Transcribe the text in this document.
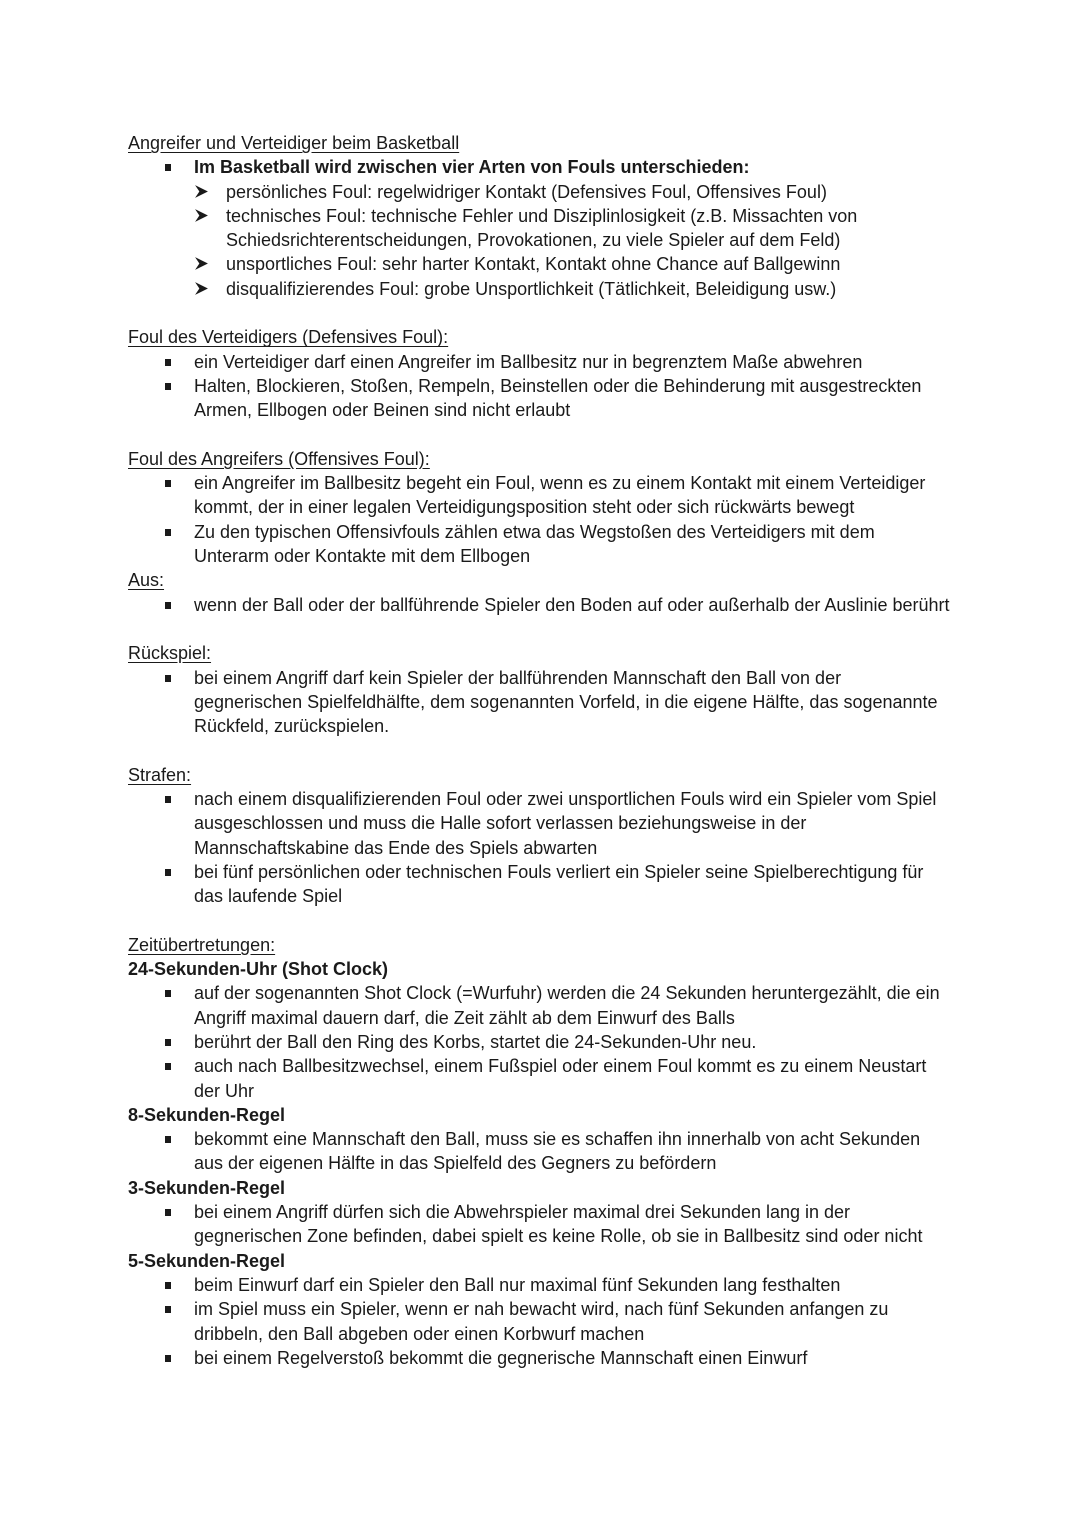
Angreifer und Verteidiger beim Basketball
Im Basketball wird zwischen vier Arten von Fouls unterschieden:
persönliches Foul: regelwidriger Kontakt (Defensives Foul, Offensives Foul)
technisches Foul: technische Fehler und Disziplinlosigkeit (z.B. Missachten von Schiedsrichterentscheidungen, Provokationen, zu viele Spieler auf dem Feld)
unsportliches Foul: sehr harter Kontakt, Kontakt ohne Chance auf Ballgewinn
disqualifizierendes Foul: grobe Unsportlichkeit (Tätlichkeit, Beleidigung usw.)
Foul des Verteidigers (Defensives Foul):
ein Verteidiger darf einen Angreifer im Ballbesitz nur in begrenztem Maße abwehren
Halten, Blockieren, Stoßen, Rempeln, Beinstellen oder die Behinderung mit ausgestreckten Armen, Ellbogen oder Beinen sind nicht erlaubt
Foul des Angreifers (Offensives Foul):
ein Angreifer im Ballbesitz begeht ein Foul, wenn es zu einem Kontakt mit einem Verteidiger kommt, der in einer legalen Verteidigungsposition steht oder sich rückwärts bewegt
Zu den typischen Offensivfouls zählen etwa das Wegstoßen des Verteidigers mit dem Unterarm oder Kontakte mit dem Ellbogen
Aus:
wenn der Ball oder der ballführende Spieler den Boden auf oder außerhalb der Auslinie berührt
Rückspiel:
bei einem Angriff darf kein Spieler der ballführenden Mannschaft den Ball von der gegnerischen Spielfeldhälfte, dem sogenannten Vorfeld, in die eigene Hälfte, das sogenannte Rückfeld, zurückspielen.
Strafen:
nach einem disqualifizierenden Foul oder zwei unsportlichen Fouls wird ein Spieler vom Spiel ausgeschlossen und muss die Halle sofort verlassen beziehungsweise in der Mannschaftskabine das Ende des Spiels abwarten
bei fünf persönlichen oder technischen Fouls verliert ein Spieler seine Spielberechtigung für das laufende Spiel
Zeitübertretungen:
24-Sekunden-Uhr (Shot Clock)
auf der sogenannten Shot Clock (=Wurfuhr) werden die 24 Sekunden heruntergezählt, die ein Angriff maximal dauern darf, die Zeit zählt ab dem Einwurf des Balls
berührt der Ball den Ring des Korbs, startet die 24-Sekunden-Uhr neu.
auch nach Ballbesitzwechsel, einem Fußspiel oder einem Foul kommt es zu einem Neustart der Uhr
8-Sekunden-Regel
bekommt eine Mannschaft den Ball, muss sie es schaffen ihn innerhalb von acht Sekunden aus der eigenen Hälfte in das Spielfeld des Gegners zu befördern
3-Sekunden-Regel
bei einem Angriff dürfen sich die Abwehrspieler maximal drei Sekunden lang in der gegnerischen Zone befinden, dabei spielt es keine Rolle, ob sie in Ballbesitz sind oder nicht
5-Sekunden-Regel
beim Einwurf darf ein Spieler den Ball nur maximal fünf Sekunden lang festhalten
im Spiel muss ein Spieler, wenn er nah bewacht wird, nach fünf Sekunden anfangen zu dribbeln, den Ball abgeben oder einen Korbwurf machen
bei einem Regelverstoß bekommt die gegnerische Mannschaft einen Einwurf
